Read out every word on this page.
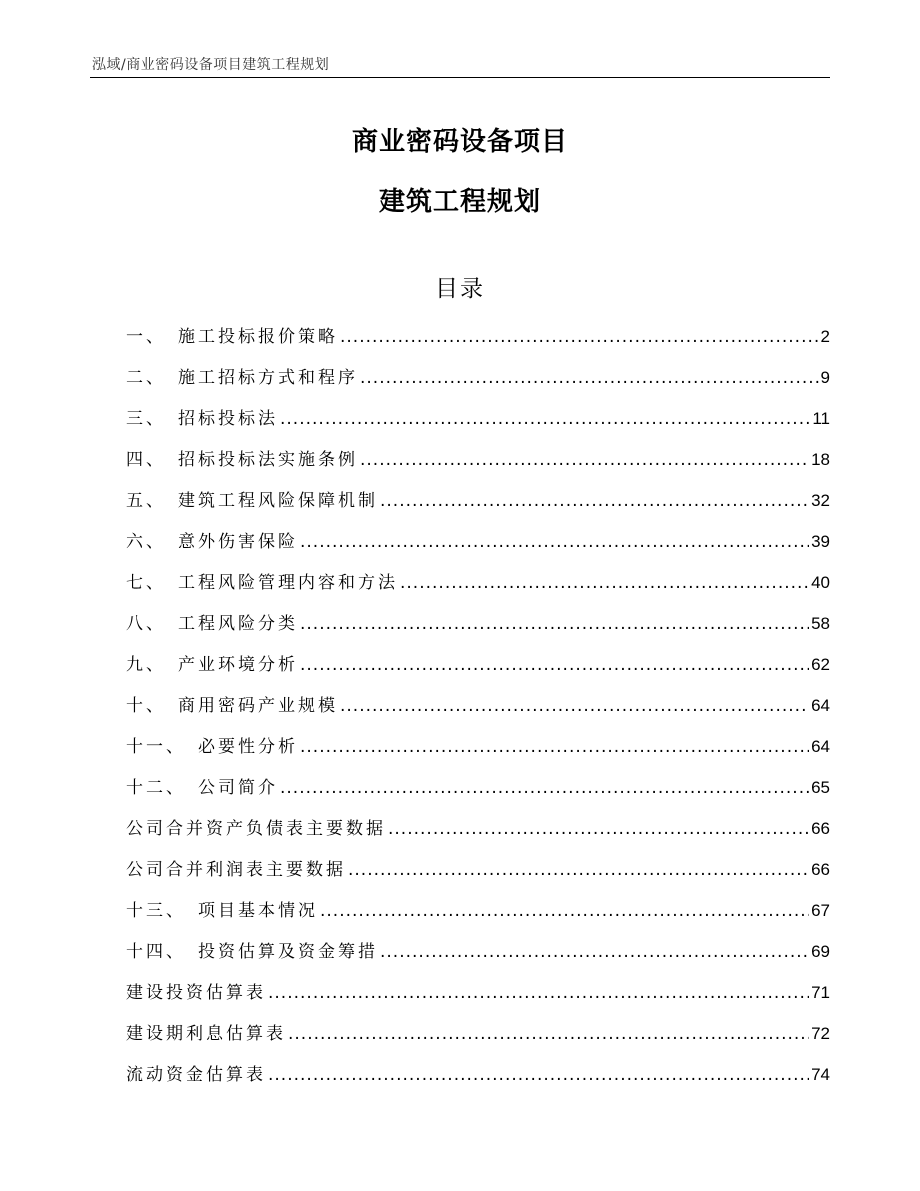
泓域/商业密码设备项目建筑工程规划
商业密码设备项目
建筑工程规划
目录
一、 施工投标报价策略 .....	2
二、 施工招标方式和程序 .....	9
三、 招标投标法 .....	11
四、 招标投标法实施条例 .....	18
五、 建筑工程风险保障机制 .....	32
六、 意外伤害保险 .....	39
七、 工程风险管理内容和方法 .....	40
八、 工程风险分类 .....	58
九、 产业环境分析 .....	62
十、 商用密码产业规模 .....	64
十一、 必要性分析 .....	64
十二、 公司简介 .....	65
公司合并资产负债表主要数据 .....	66
公司合并利润表主要数据 .....	66
十三、 项目基本情况 .....	67
十四、 投资估算及资金筹措 .....	69
建设投资估算表 .....	71
建设期利息估算表 .....	72
流动资金估算表 .....	74
